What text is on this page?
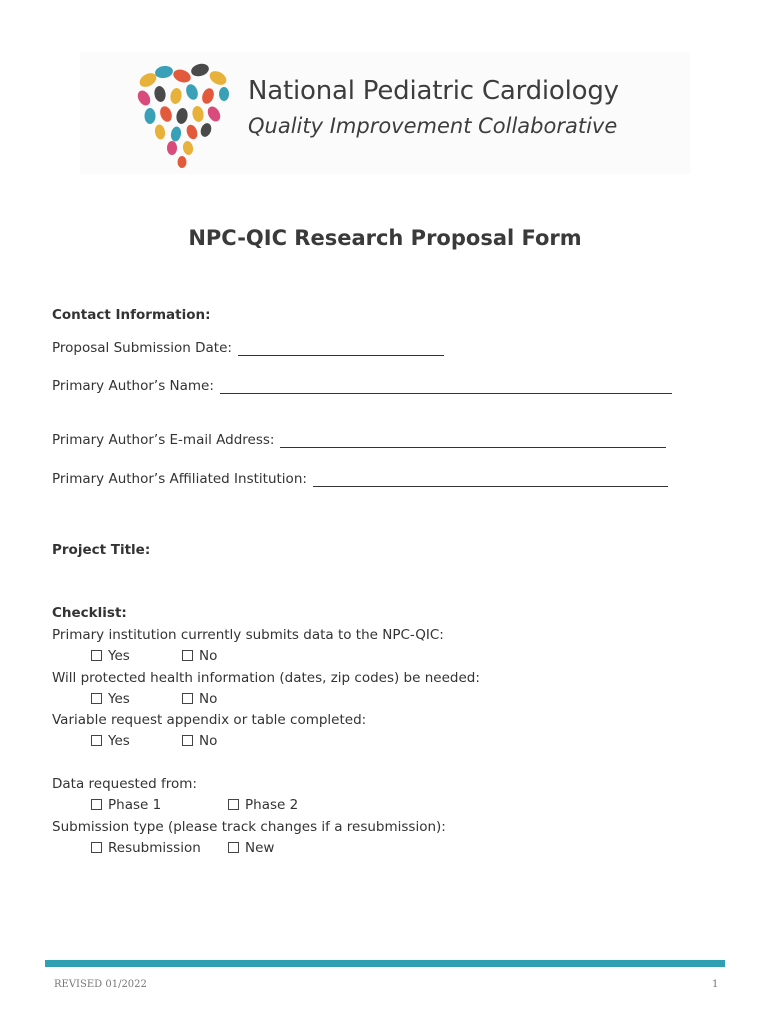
National Pediatric Cardiology
Quality Improvement Collaborative
NPC-QIC Research Proposal Form
Contact Information:
Proposal Submission Date:
Primary Author’s Name:
Primary Author’s E-mail Address:
Primary Author’s Affiliated Institution:
Project Title:
Checklist:
Primary institution currently submits data to the NPC-QIC:
Yes	No
Will protected health information (dates, zip codes) be needed:
Yes	No
Variable request appendix or table completed:
Yes	No
Data requested from:
Phase 1	Phase 2
Submission type (please track changes if a resubmission):
Resubmission	New
REVISED 01/2022	1
